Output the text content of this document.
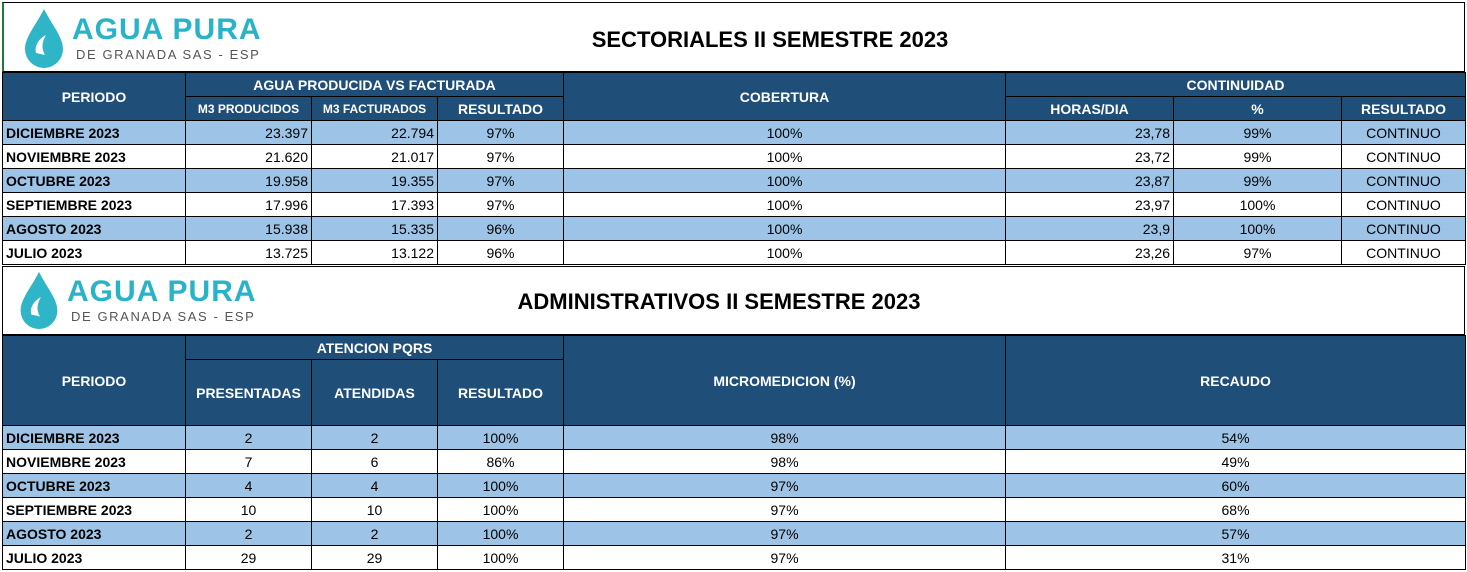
AGUA PURA
DE GRANADA SAS - ESP
SECTORIALES II SEMESTRE 2023
PERIODO	AGUA PRODUCIDA VS FACTURADA			COBERTURA	CONTINUIDAD		
	M3 PRODUCIDOS	M3 FACTURADOS	RESULTADO		HORAS/DIA	%	RESULTADO
DICIEMBRE 2023	23.397	22.794	97%	100%	23,78	99%	CONTINUO
NOVIEMBRE 2023	21.620	21.017	97%	100%	23,72	99%	CONTINUO
OCTUBRE 2023	19.958	19.355	97%	100%	23,87	99%	CONTINUO
SEPTIEMBRE 2023	17.996	17.393	97%	100%	23,97	100%	CONTINUO
AGOSTO 2023	15.938	15.335	96%	100%	23,9	100%	CONTINUO
JULIO 2023	13.725	13.122	96%	100%	23,26	97%	CONTINUO
AGUA PURA
DE GRANADA SAS - ESP
ADMINISTRATIVOS II SEMESTRE 2023
PERIODO	ATENCION PQRS			MICROMEDICION (%)	RECAUDO
	PRESENTADAS	ATENDIDAS	RESULTADO		
DICIEMBRE 2023	2	2	100%	98%	54%
NOVIEMBRE 2023	7	6	86%	98%	49%
OCTUBRE 2023	4	4	100%	97%	60%
SEPTIEMBRE 2023	10	10	100%	97%	68%
AGOSTO 2023	2	2	100%	97%	57%
JULIO 2023	29	29	100%	97%	31%
